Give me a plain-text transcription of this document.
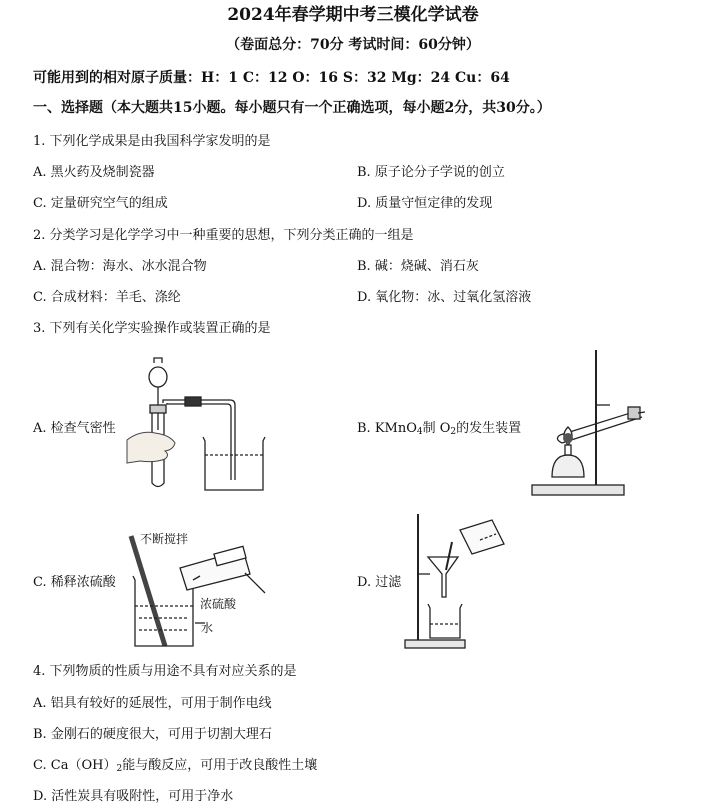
2024年春学期中考三模化学试卷
（卷面总分：70分 考试时间：60分钟）
可能用到的相对原子质量：H：1 C：12 O：16 S：32 Mg：24 Cu：64
一、选择题（本大题共15小题。每小题只有一个正确选项，每小题2分，共30分。）
1. 下列化学成果是由我国科学家发明的是
A. 黑火药及烧制瓷器	B. 原子论分子学说的创立
C. 定量研究空气的组成	D. 质量守恒定律的发现
2. 分类学习是化学学习中一种重要的思想，下列分类正确的一组是
A. 混合物：海水、冰水混合物	B. 碱：烧碱、消石灰
C. 合成材料：羊毛、涤纶	D. 氧化物：冰、过氧化氢溶液
3. 下列有关化学实验操作或装置正确的是
A. 检查气密性	B. KMnO$_4$制 $O_2$的发生装置
C. 稀释浓硫酸	D. 过滤
不断搅拌
浓硫酸
水
4. 下列物质的性质与用途不具有对应关系的是
A. 铝具有较好的延展性，可用于制作电线
B. 金刚石的硬度很大，可用于切割大理石
C. $Ca(OH)_2$能与酸反应，可用于改良酸性土壤
D. 活性炭具有吸附性，可用于净水
